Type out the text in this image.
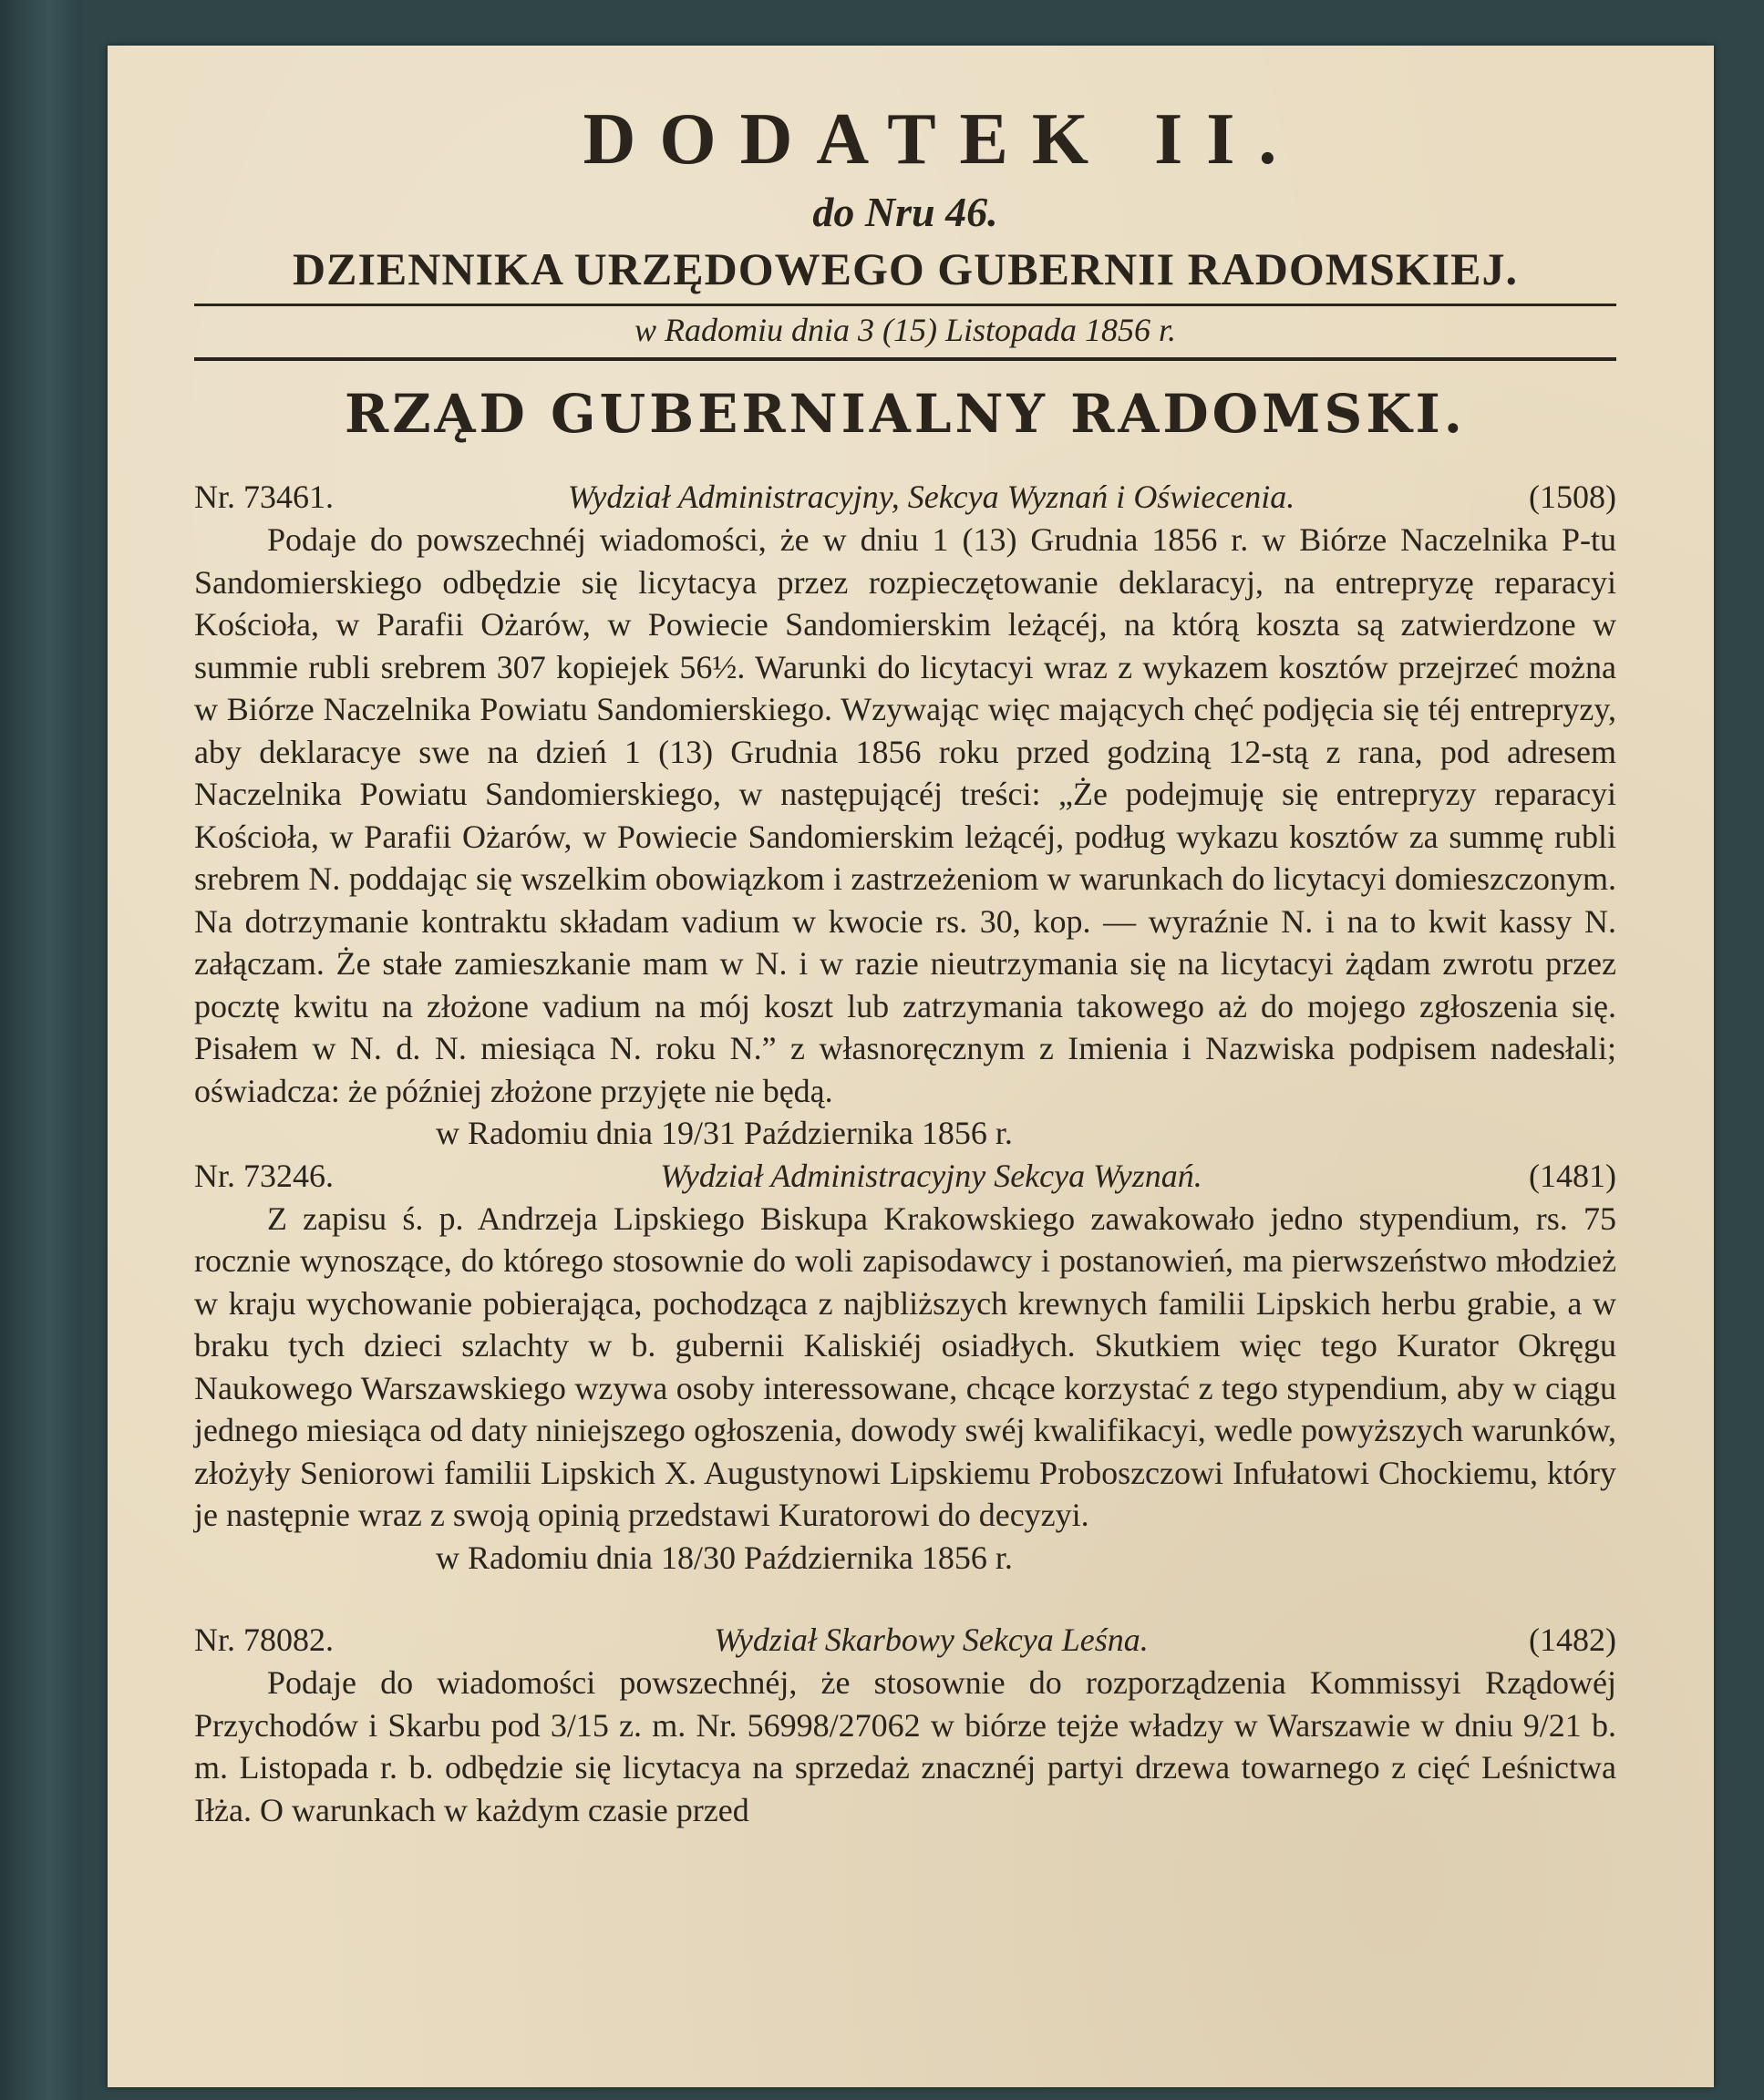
DODATEK II.
do Nru 46.
DZIENNIKA URZĘDOWEGO GUBERNII RADOMSKIEJ.
w Radomiu dnia 3 (15) Listopada 1856 r.
RZĄD GUBERNIALNY RADOMSKI.
Nr. 73461.	Wydział Administracyjny, Sekcya Wyznań i Oświecenia.	(1508)
Podaje do powszechnéj wiadomości, że w dniu 1 (13) Grudnia 1856 r. w Biórze Naczelnika P-tu Sandomierskiego odbędzie się licytacya przez rozpieczętowanie deklaracyj, na entrepryzę reparacyi Kościoła, w Parafii Ożarów, w Powiecie Sandomierskim leżącéj, na którą koszta są zatwierdzone w summie rubli srebrem 307 kopiejek 56½. Warunki do licytacyi wraz z wykazem kosztów przejrzeć można w Biórze Naczelnika Powiatu Sandomierskiego. Wzywając więc mających chęć podjęcia się téj entrepryzy, aby deklaracye swe na dzień 1 (13) Grudnia 1856 roku przed godziną 12-stą z rana, pod adresem Naczelnika Powiatu Sandomierskiego, w następującéj treści: „Że podejmuję się entrepryzy reparacyi Kościoła, w Parafii Ożarów, w Powiecie Sandomierskim leżącéj, podług wykazu kosztów za summę rubli srebrem N. poddając się wszelkim obowiązkom i zastrzeżeniom w warunkach do licytacyi domieszczonym. Na dotrzymanie kontraktu składam vadium w kwocie rs. 30, kop. — wyraźnie N. i na to kwit kassy N. załączam. Że stałe zamieszkanie mam w N. i w razie nieutrzymania się na licytacyi żądam zwrotu przez pocztę kwitu na złożone vadium na mój koszt lub zatrzymania takowego aż do mojego zgłoszenia się. Pisałem w N. d. N. miesiąca N. roku N.” z własnoręcznym z Imienia i Nazwiska podpisem nadesłali; oświadcza: że później złożone przyjęte nie będą.
w Radomiu dnia 19/31 Października 1856 r.
Nr. 73246.	Wydział Administracyjny Sekcya Wyznań.	(1481)
Z zapisu ś. p. Andrzeja Lipskiego Biskupa Krakowskiego zawakowało jedno stypendium, rs. 75 rocznie wynoszące, do którego stosownie do woli zapisodawcy i postanowień, ma pierwszeństwo młodzież w kraju wychowanie pobierająca, pochodząca z najbliższych krewnych familii Lipskich herbu grabie, a w braku tych dzieci szlachty w b. gubernii Kaliskiéj osiadłych. Skutkiem więc tego Kurator Okręgu Naukowego Warszawskiego wzywa osoby interessowane, chcące korzystać z tego stypendium, aby w ciągu jednego miesiąca od daty niniejszego ogłoszenia, dowody swéj kwalifikacyi, wedle powyższych warunków, złożyły Seniorowi familii Lipskich X. Augustynowi Lipskiemu Proboszczowi Infułatowi Chockiemu, który je następnie wraz z swoją opinią przedstawi Kuratorowi do decyzyi.
w Radomiu dnia 18/30 Października 1856 r.
Nr. 78082.	Wydział Skarbowy Sekcya Leśna.	(1482)
Podaje do wiadomości powszechnéj, że stosownie do rozporządzenia Kommissyi Rządowéj Przychodów i Skarbu pod 3/15 z. m. Nr. 56998/27062 w biórze tejże władzy w Warszawie w dniu 9/21 b. m. Listopada r. b. odbędzie się licytacya na sprzedaż znacznéj partyi drzewa towarnego z cięć Leśnictwa Iłża. O warunkach w każdym czasie przed
